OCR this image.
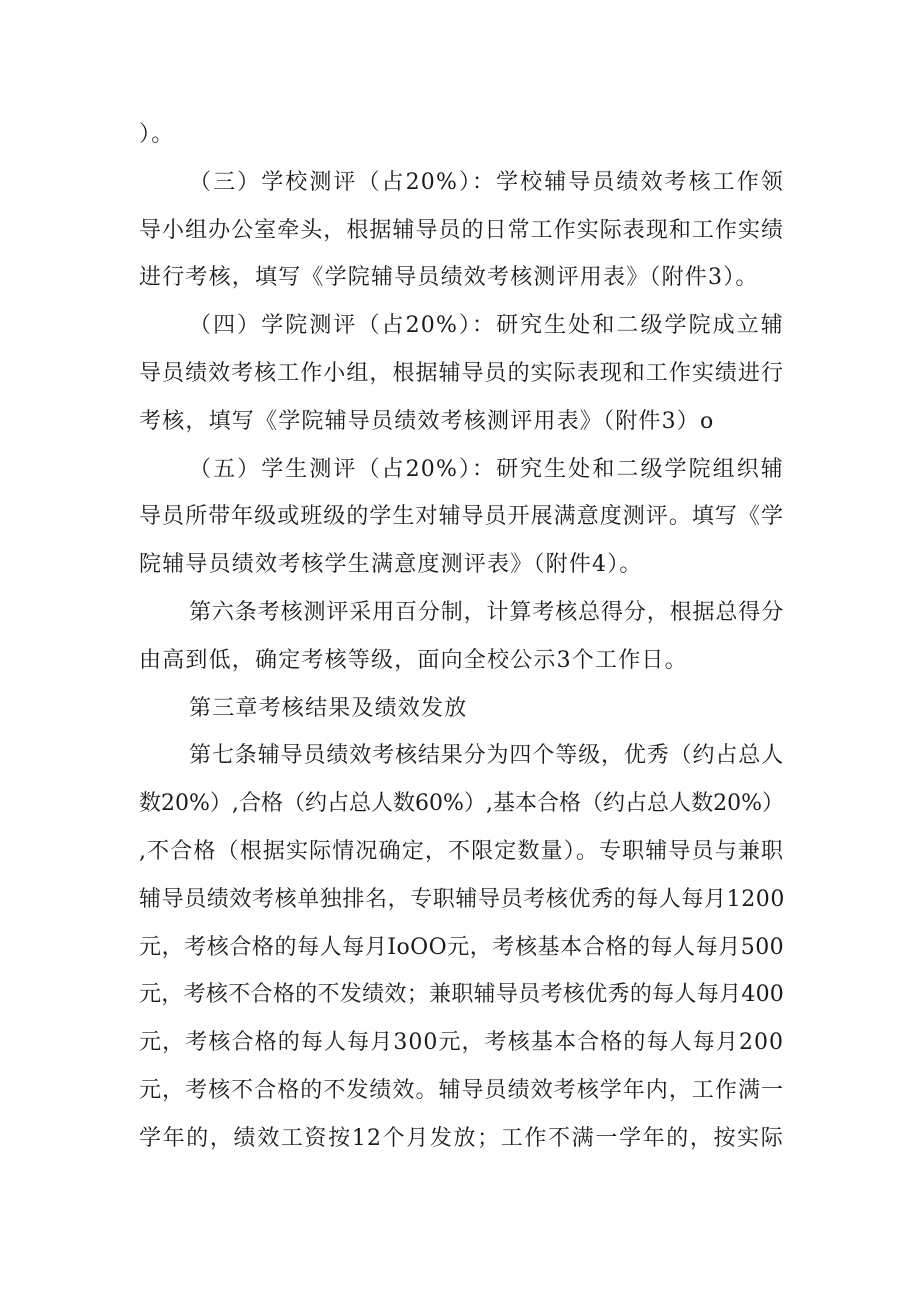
）。
（三）学校测评（占20%）：学校辅导员绩效考核工作领
导小组办公室牵头，根据辅导员的日常工作实际表现和工作实绩
进行考核，填写《学院辅导员绩效考核测评用表》（附件3）。
（四）学院测评（占20%）：研究生处和二级学院成立辅
导员绩效考核工作小组，根据辅导员的实际表现和工作实绩进行
考核，填写《学院辅导员绩效考核测评用表》（附件3）o
（五）学生测评（占20%）：研究生处和二级学院组织辅
导员所带年级或班级的学生对辅导员开展满意度测评。填写《学
院辅导员绩效考核学生满意度测评表》（附件4）。
第六条考核测评采用百分制，计算考核总得分，根据总得分
由高到低，确定考核等级，面向全校公示3个工作日。
第三章考核结果及绩效发放
第七条辅导员绩效考核结果分为四个等级，优秀（约占总人
数20%）,合格（约占总人数60%）,基本合格（约占总人数20%）
,不合格（根据实际情况确定，不限定数量）。专职辅导员与兼职
辅导员绩效考核单独排名，专职辅导员考核优秀的每人每月1200
元，考核合格的每人每月IoOO元，考核基本合格的每人每月500
元，考核不合格的不发绩效；兼职辅导员考核优秀的每人每月400
元，考核合格的每人每月300元，考核基本合格的每人每月200
元，考核不合格的不发绩效。辅导员绩效考核学年内，工作满一
学年的，绩效工资按12个月发放；工作不满一学年的，按实际
